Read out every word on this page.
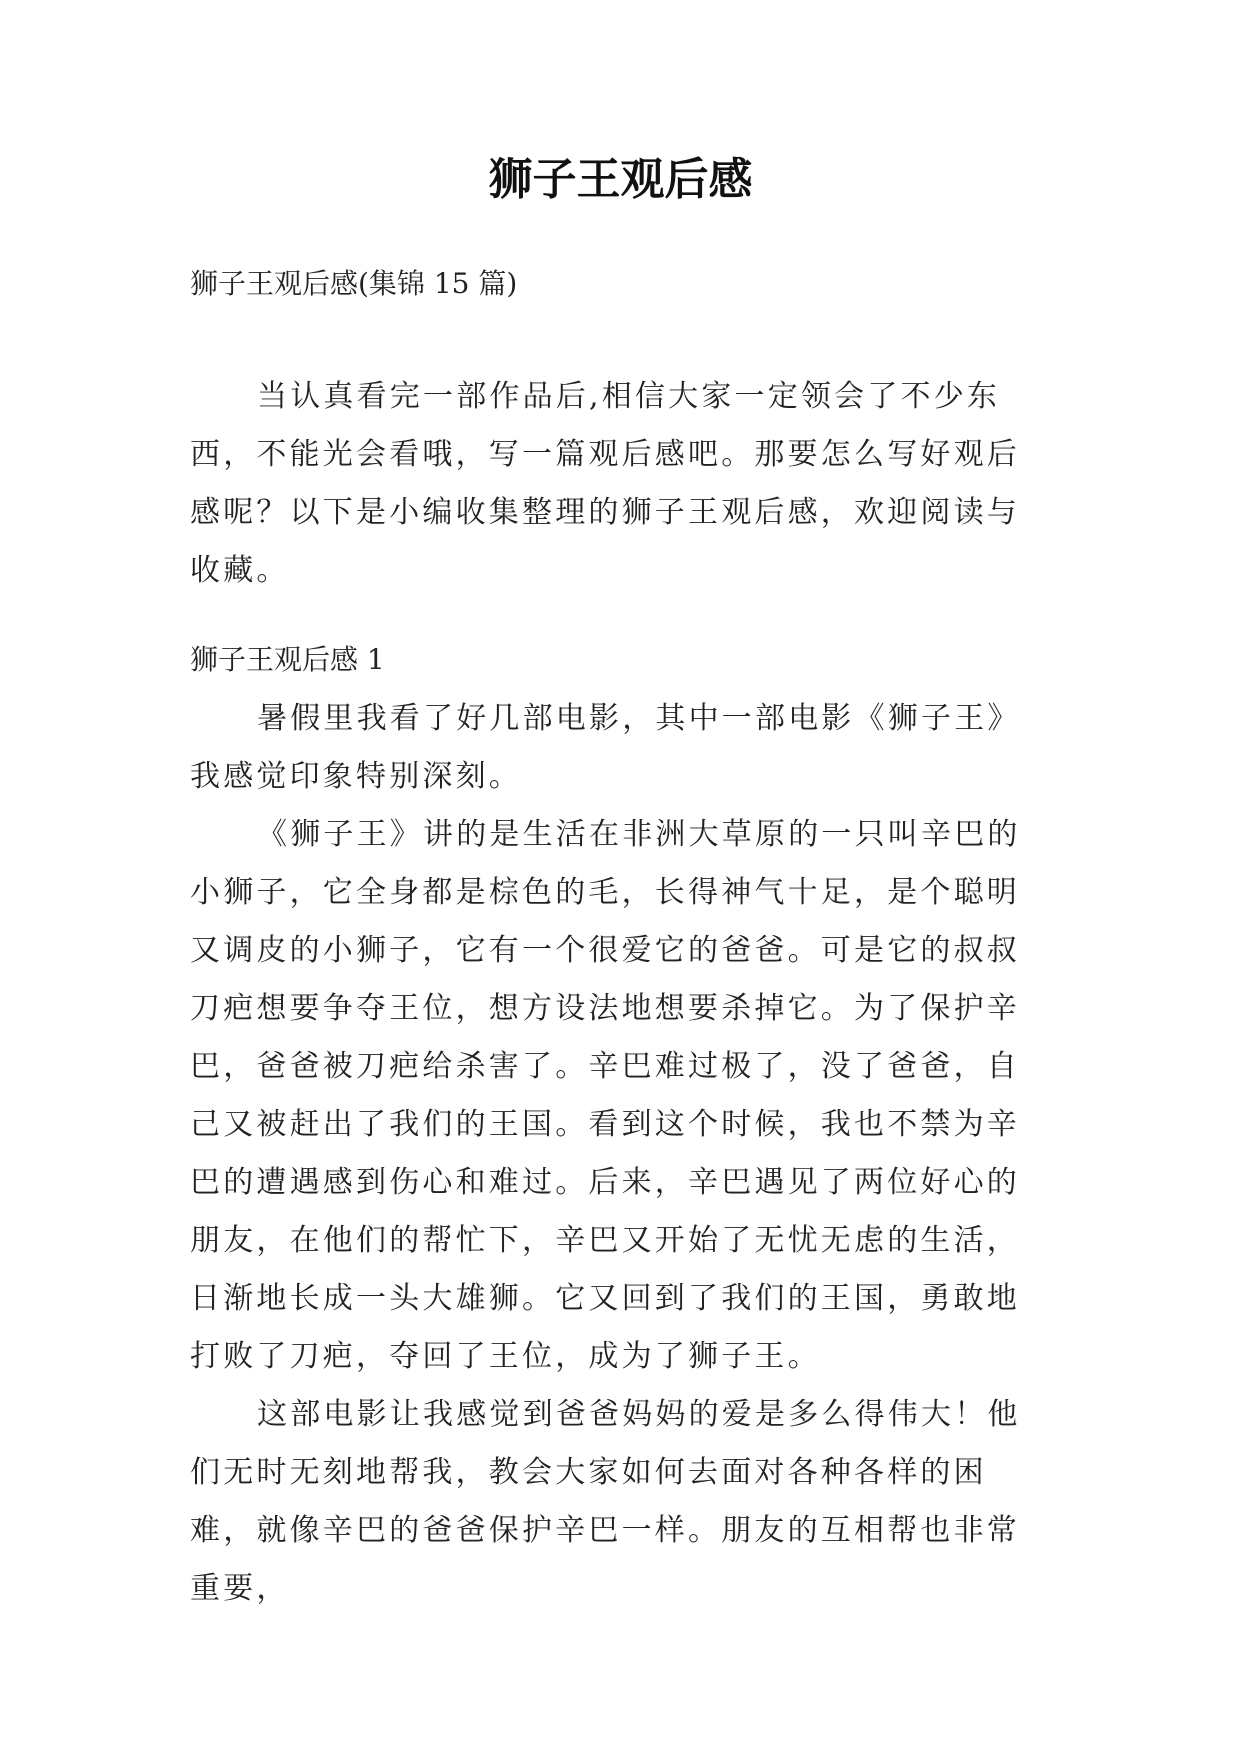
狮子王观后感

狮子王观后感(集锦 15 篇)

当认真看完一部作品后,相信大家一定领会了不少东西，不能光会看哦，写一篇观后感吧。那要怎么写好观后感呢？以下是小编收集整理的狮子王观后感，欢迎阅读与收藏。

狮子王观后感 1

暑假里我看了好几部电影，其中一部电影《狮子王》我感觉印象特别深刻。

《狮子王》讲的是生活在非洲大草原的一只叫辛巴的小狮子，它全身都是棕色的毛，长得神气十足，是个聪明又调皮的小狮子，它有一个很爱它的爸爸。可是它的叔叔刀疤想要争夺王位，想方设法地想要杀掉它。为了保护辛巴，爸爸被刀疤给杀害了。辛巴难过极了，没了爸爸，自己又被赶出了我们的王国。看到这个时候，我也不禁为辛巴的遭遇感到伤心和难过。后来，辛巴遇见了两位好心的朋友，在他们的帮忙下，辛巴又开始了无忧无虑的生活，日渐地长成一头大雄狮。它又回到了我们的王国，勇敢地打败了刀疤，夺回了王位，成为了狮子王。

这部电影让我感觉到爸爸妈妈的爱是多么得伟大！他们无时无刻地帮我，教会大家如何去面对各种各样的困难，就像辛巴的爸爸保护辛巴一样。朋友的互相帮也非常重要，
